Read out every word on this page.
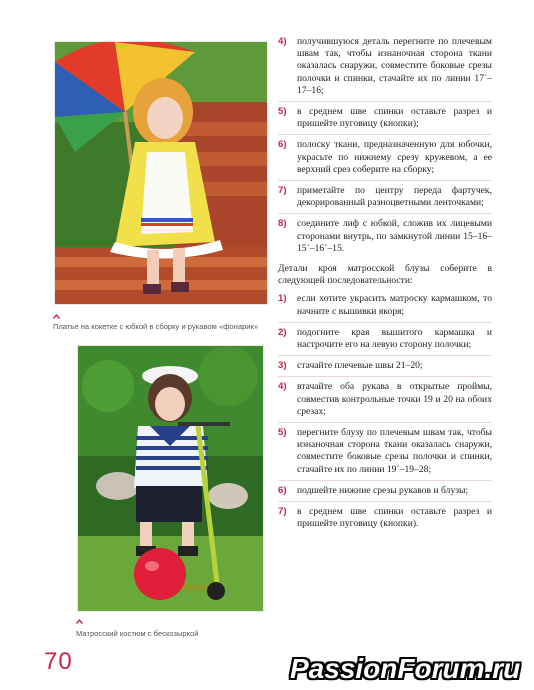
Платье на кокетке с юбкой в сборку и рукавом «фонарик»
Матросский костюм с бескозыркой
4) получившуюся деталь перегните по плечевым швам так, чтобы изнаночная сторона ткани оказалась снаружи, совместите боковые срезы полочки и спинки, стачайте их по линии 17´–17–16;
5) в среднем шве спинки оставьте разрез и пришейте пуговицу (кнопки);
6) полоску ткани, предназначенную для юбочки, украсьте по нижнему срезу кружевом, а ее верхний срез соберите на сборку;
7) приметайте по центру переда фартучек, декорированный разноцветными ленточками;
8) соедините лиф с юбкой, сложив их лицевыми сторонами внутрь, по замкнутой линии 15–16–15´–16´–15.

Детали кроя матросской блузы соберите в следующей последовательности:

1) если хотите украсить матроску кармашком, то начните с вышивки якоря;
2) подогните края вышитого кармашка и настрочите его на левую сторону полочки;
3) стачайте плечевые швы 21–20;
4) втачайте оба рукава в открытые проймы, совместив контрольные точки 19 и 20 на обоих срезах;
5) перегните блузу по плечевым швам так, чтобы изнаночная сторона ткани оказалась снаружи, совместите боковые срезы полочки и спинки, стачайте их по линии 19´–19–28;
6) подшейте нижние срезы рукавов и блузы;
7) в среднем шве спинки оставьте разрез и пришейте пуговицу (кнопки).
70	PassionForum.ru
